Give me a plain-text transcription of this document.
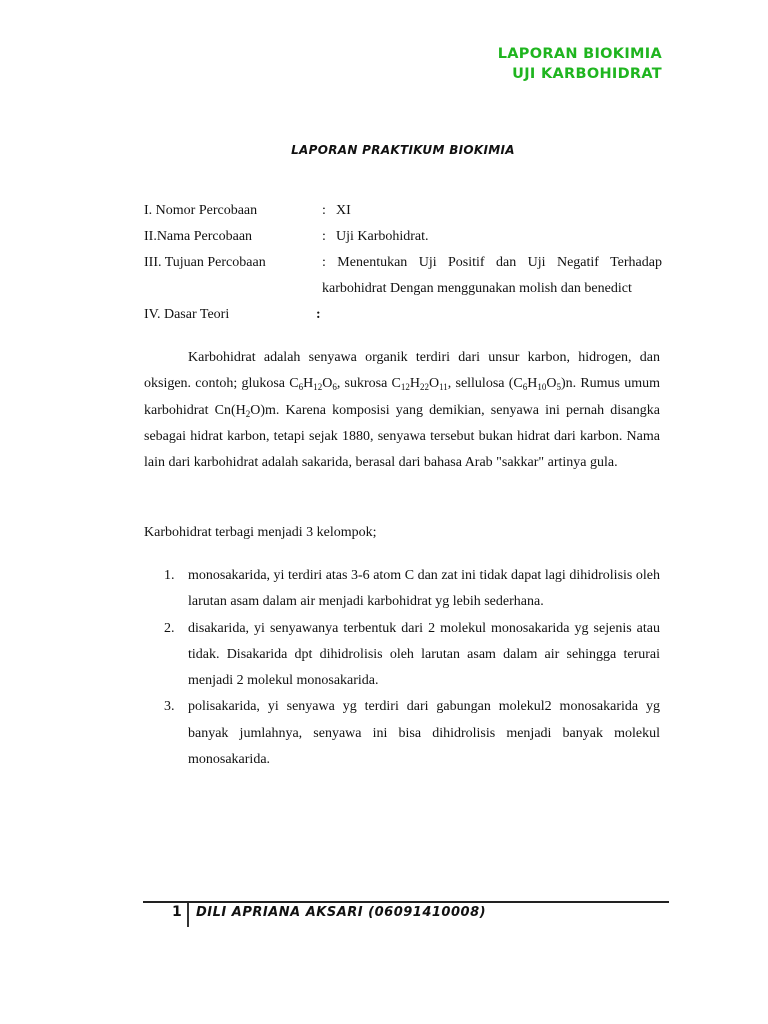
LAPORAN BIOKIMIA
UJI KARBOHIDRAT
LAPORAN PRAKTIKUM BIOKIMIA
I. Nomor Percobaan	: XI
II.Nama Percobaan	: Uji Karbohidrat.
III. Tujuan Percobaan	: Menentukan Uji Positif dan Uji Negatif Terhadap karbohidrat Dengan menggunakan molish dan benedict
IV. Dasar Teori	:
Karbohidrat adalah senyawa organik terdiri dari unsur karbon, hidrogen, dan oksigen. contoh; glukosa $C_6H_{12}O_6$, sukrosa $C_{12}H_{22}O_{11}$, sellulosa $(C_6H_{10}O_5)n$. Rumus umum karbohidrat $Cn(H_2O)m$. Karena komposisi yang demikian, senyawa ini pernah disangka sebagai hidrat karbon, tetapi sejak 1880, senyawa tersebut bukan hidrat dari karbon. Nama lain dari karbohidrat adalah sakarida, berasal dari bahasa Arab "sakkar" artinya gula.
Karbohidrat terbagi menjadi 3 kelompok;
1. monosakarida, yi terdiri atas 3-6 atom C dan zat ini tidak dapat lagi dihidrolisis oleh larutan asam dalam air menjadi karbohidrat yg lebih sederhana.
2. disakarida, yi senyawanya terbentuk dari 2 molekul monosakarida yg sejenis atau tidak. Disakarida dpt dihidrolisis oleh larutan asam dalam air sehingga terurai menjadi 2 molekul monosakarida.
3. polisakarida, yi senyawa yg terdiri dari gabungan molekul2 monosakarida yg banyak jumlahnya, senyawa ini bisa dihidrolisis menjadi banyak molekul monosakarida.
1 DILI APRIANA AKSARI (06091410008)
